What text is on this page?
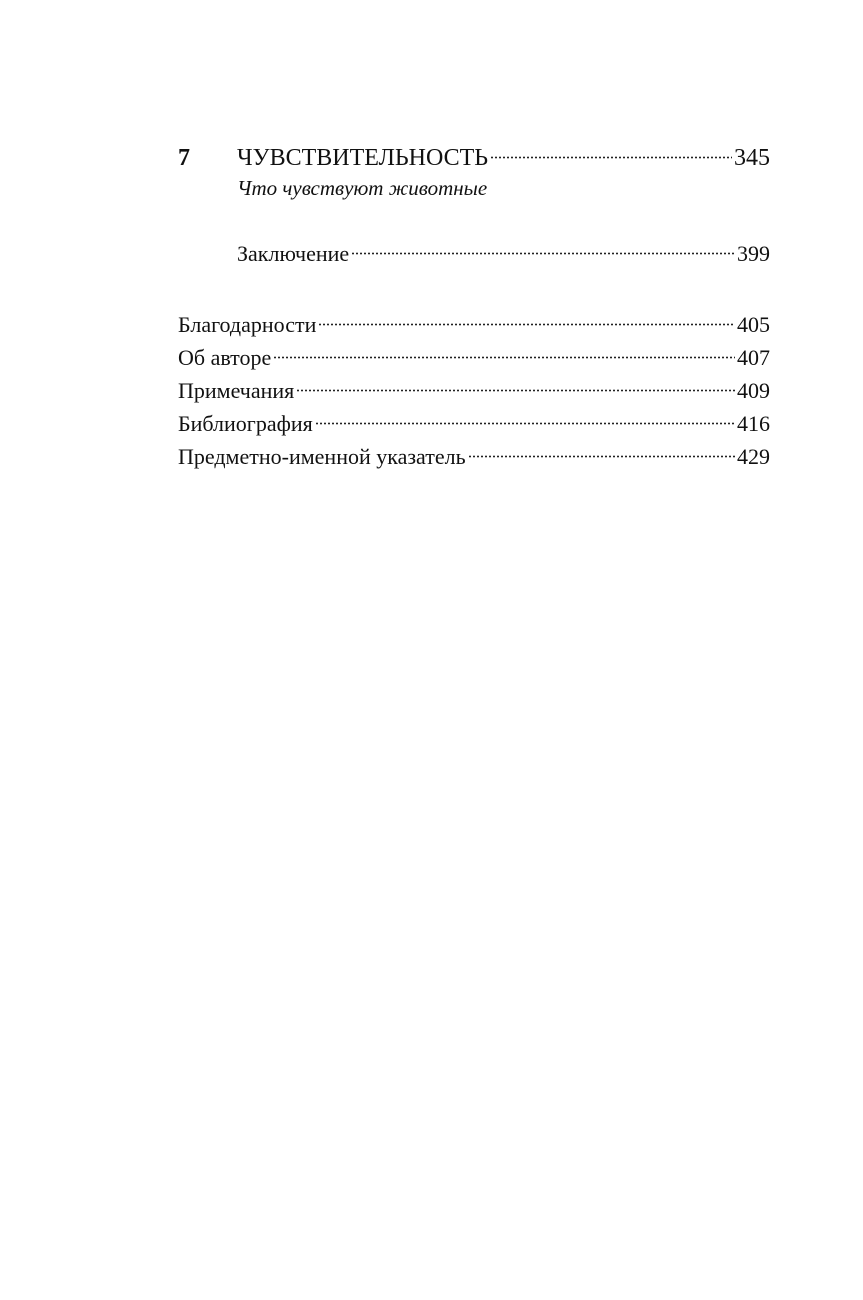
7 ЧУВСТВИТЕЛЬНОСТЬ	345
Что чувствуют животные
Заключение	399
Благодарности	405
Об авторе	407
Примечания	409
Библиография	416
Предметно-именной указатель	429
